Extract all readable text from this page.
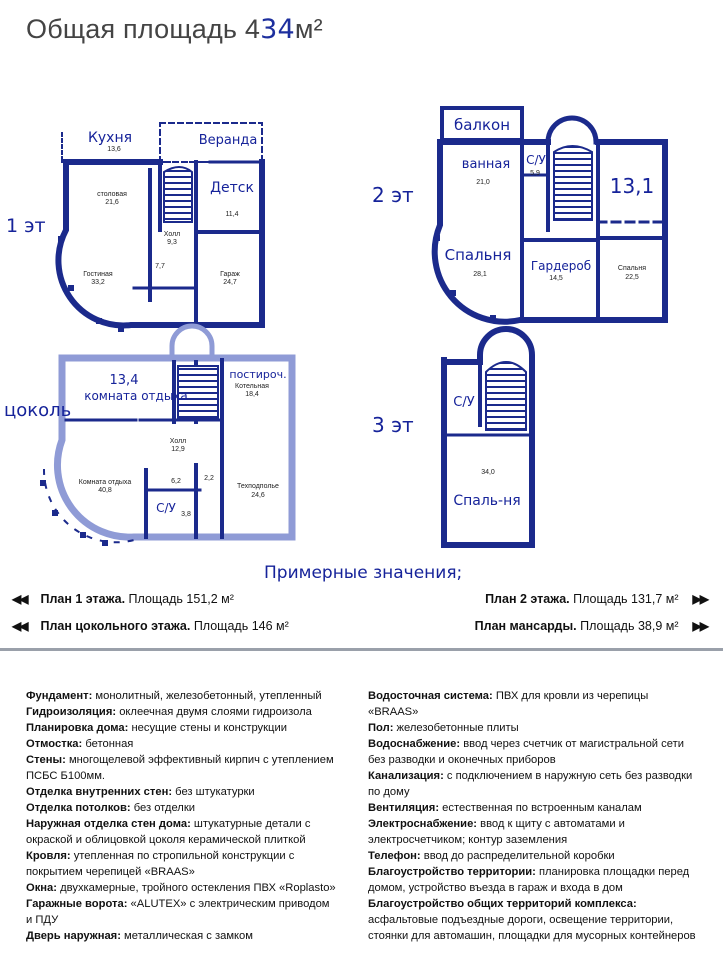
Общая площадь 434м²
1 эт
2 эт
цоколь
3 эт
Кухня
13,6
Веранда
столовая
21,6
Детск
11,4
Холл
9,3
7,7
Гостиная
33,2
Гараж
24,7
балкон
ванная
21,0
С/У
5,9
13,1
Спальня
28,1
Гардероб
14,5
Спальня
22,5
13,4
комната отдыха
постироч.
Котельная
18,4
Холл
12,9
6,2	2,2
Комната отдыха
40,8
Техподполье
24,6
С/У 3,8
С/У
34,0
Спаль-ня
Примерные значения;
◀◀ План 1 этажа. Площадь 151,2 м²	План 2 этажа. Площадь 131,7 м² ▶▶
◀◀ План цокольного этажа. Площадь 146 м²	План мансарды. Площадь 38,9 м² ▶▶

Фундамент: монолитный, железобетонный, утепленный

Гидроизоляция: оклеечная двумя слоями гидроизола

Планировка дома: несущие стены и конструкции

Отмостка: бетонная

Стены: многощелевой эффективный кирпич с утеплением ПСБС Б100мм.

Отделка внутренних стен: без штукатурки

Отделка потолков: без отделки

Наружная отделка стен дома: штукатурные детали с окраской и облицовкой цоколя керамической плиткой

Кровля: утепленная по стропильной конструкции с покрытием черепицей «BRAAS»

Окна: двухкамерные, тройного остекления ПВХ «Roplasto»

Гаражные ворота: «ALUTEX» с электрическим приводом и ПДУ

Дверь наружная: металлическая с замком

Водосточная система: ПВХ для кровли из черепицы «BRAAS»

Пол: железобетонные плиты

Водоснабжение: ввод через счетчик от магистральной сети без разводки и оконечных приборов

Канализация: с подключением в наружную сеть без разводки по дому

Вентиляция: естественная по встроенным каналам

Электроснабжение: ввод к щиту с автоматами и электросчетчиком; контур заземления

Телефон: ввод до распределительной коробки

Благоустройство территории: планировка площадки перед домом, устройство въезда в гараж и входа в дом

Благоустройство общих территорий комплекса: асфальтовые подъездные дороги, освещение территории, стоянки для автомашин, площадки для мусорных контейнеров
